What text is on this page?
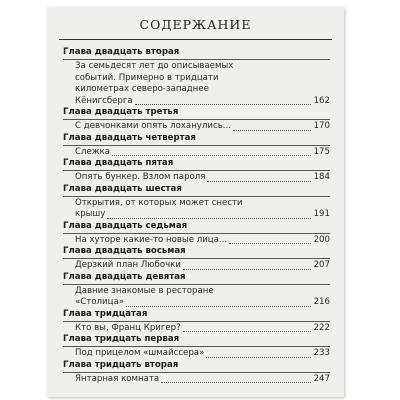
СОДЕРЖАНИЕ
Глава двадцать вторая
За семьдесят лет до описываемых
событий. Примерно в тридцати
километрах северо-западнее
Кёнигсберга	162
Глава двадцать третья
С девчонками опять лоханулись...	170
Глава двадцать четвертая
Слежка	175
Глава двадцать пятая
Опять бункер. Взлом пароля	184
Глава двадцать шестая
Открытия, от которых может снести
крышу	191
Глава двадцать седьмая
На хуторе какие-то новые лица...	200
Глава двадцать восьмая
Дерзкий план Любочки	207
Глава двадцать девятая
Давние знакомые в ресторане
«Столица»	216
Глава тридцатая
Кто вы, Франц Кригер?	222
Глава тридцать первая
Под прицелом «шмайссера»	233
Глава тридцать вторая
Янтарная комната	247
